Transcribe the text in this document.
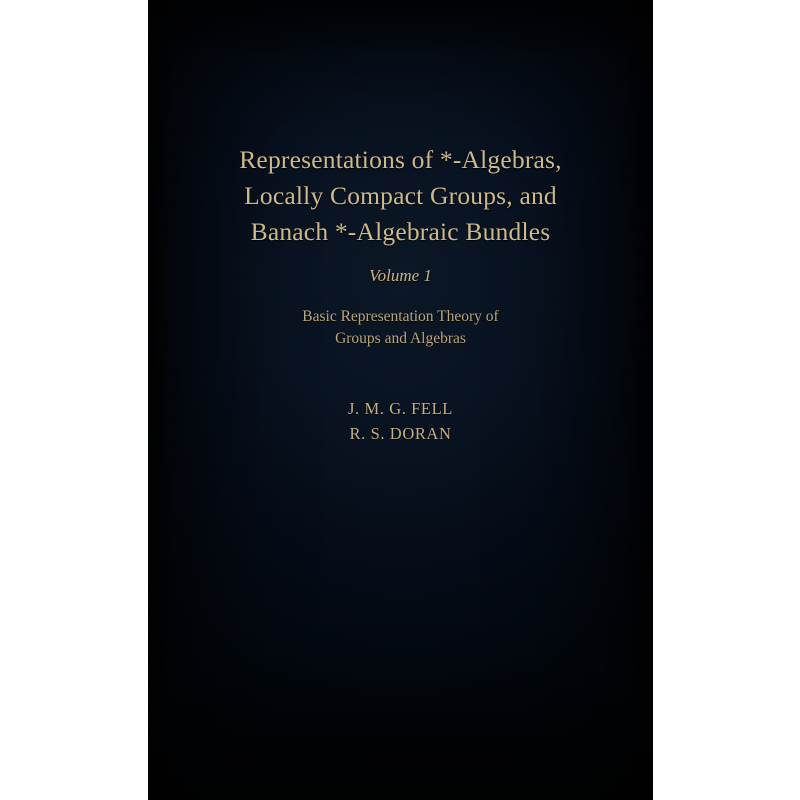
Representations of *-Algebras,
Locally Compact Groups, and
Banach *-Algebraic Bundles
Volume 1
Basic Representation Theory of
Groups and Algebras
J. M. G. FELL
R. S. DORAN
